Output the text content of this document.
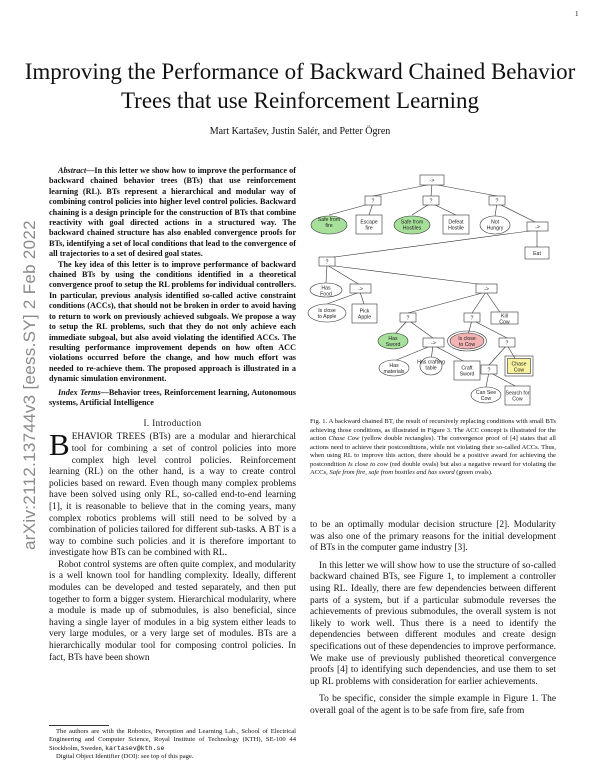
1
arXiv:2112.13744v3 [eess.SY] 2 Feb 2022
Improving the Performance of Backward Chained Behavior Trees that use Reinforcement Learning
Mart Kartašev, Justin Salér, and Petter Ögren

Abstract—In this letter we show how to improve the performance of backward chained behavior trees (BTs) that use reinforcement learning (RL). BTs represent a hierarchical and modular way of combining control policies into higher level control policies. Backward chaining is a design principle for the construction of BTs that combine reactivity with goal directed actions in a structured way. The backward chained structure has also enabled convergence proofs for BTs, identifying a set of local conditions that lead to the convergence of all trajectories to a set of desired goal states.

The key idea of this letter is to improve performance of backward chained BTs by using the conditions identified in a theoretical convergence proof to setup the RL problems for individual controllers. In particular, previous analysis identified so-called active constraint conditions (ACCs), that should not be broken in order to avoid having to return to work on previously achieved subgoals. We propose a way to setup the RL problems, such that they do not only achieve each immediate subgoal, but also avoid violating the identified ACCs. The resulting performance improvement depends on how often ACC violations occurred before the change, and how much effort was needed to re-achieve them. The proposed approach is illustrated in a dynamic simulation environment.

Index Terms—Behavior trees, Reinforcement learning, Autonomous systems, Artificial Intelligence

I. Introduction

BEHAVIOR TREES (BTs) are a modular and hierarchical tool for combining a set of control policies into more complex high level control policies. Reinforcement learning (RL) on the other hand, is a way to create control policies based on reward. Even though many complex problems have been solved using only RL, so-called end-to-end learning [1], it is reasonable to believe that in the coming years, many complex robotics problems will still need to be solved by a combination of policies tailored for different sub-tasks. A BT is a way to combine such policies and it is therefore important to investigate how BTs can be combined with RL.

Robot control systems are often quite complex, and modularity is a well known tool for handling complexity. Ideally, different modules can be developed and tested separately, and then put together to form a bigger system. Hierarchical modularity, where a module is made up of submodules, is also beneficial, since having a single layer of modules in a big system either leads to very large modules, or a very large set of modules. BTs are a hierarchically modular tool for composing control policies. In fact, BTs have been shown

The authors are with the Robotics, Perception and Learning Lab., School of Electrical Engineering and Computer Science, Royal Institute of Technology (KTH), SE-100 44 Stockholm, Sweden, kartasev@kth.se

Digital Object Identifier (DOI): see top of this page.

->
?	?	?
Safe from fire
Escape fire
Safe from Hostiles
Defeat Hostile
Not Hungry	->
Eat
?
Has Food
->	->
Is close to Apple
Pick Apple	?	?	Kill Cow
Has Sword	->
Is close to Cow	?
Has crafting table
Has materials
Craft Sword
?
Chase Cow
Can See Cow
Search for Cow
Fig. 1. A backward chained BT, the result of recursively replacing conditions with small BTs achieving those conditions, as illustrated in Figure 3. The ACC concept is illustrated for the action Chase Cow (yellow double rectangles). The convergence proof of [4] states that all actions need to achieve their postconditions, while not violating their so-called ACCs. Thus, when using RL to improve this action, there should be a positive award for achieving the postcondition Is close to cow (red double ovals) but also a negative reward for violating the ACCs, Safe from fire, safe from hostiles and has sword (green ovals).

to be an optimally modular decision structure [2]. Modularity was also one of the primary reasons for the initial development of BTs in the computer game industry [3].

In this letter we will show how to use the structure of so-called backward chained BTs, see Figure 1, to implement a controller using RL. Ideally, there are few dependencies between different parts of a system, but if a particular submodule reverses the achievements of previous submodules, the overall system is not likely to work well. Thus there is a need to identify the dependencies between different modules and create design specifications out of these dependencies to improve performance. We make use of previously published theoretical convergence proofs [4] to identifying such dependencies, and use them to set up RL problems with consideration for earlier achievements.

To be specific, consider the simple example in Figure 1. The overall goal of the agent is to be safe from fire, safe from
